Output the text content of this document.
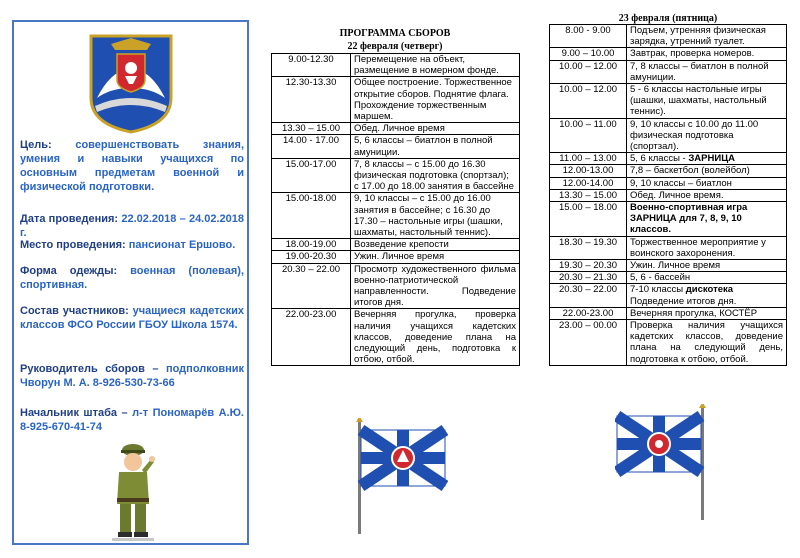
Цель: совершенствовать знания, умения и навыки учащихся по основным предметам военной и физической подготовки.
Дата проведения: 22.02.2018 – 24.02.2018 г.
Место проведения: пансионат Ершово.
Форма одежды: военная (полевая), спортивная.
Состав участников: учащиеся кадетских классов ФСО России ГБОУ Школа 1574.
Руководитель сборов – подполковник Чворун М. А. 8-926-530-73-66
Начальник штаба – л-т Пономарёв А.Ю. 8-925-670-41-74
ПРОГРАММА СБОРОВ
22 февраля (четверг)
9.00-12.30	Перемещение на объект, размещение в номерном фонде.
12.30-13.30	Общее построение. Торжественное открытие сборов. Поднятие флага. Прохождение торжественным маршем.
13.30 – 15.00	Обед. Личное время
14.00 - 17.00	5, 6 классы – биатлон в полной амуниции.
15.00-17.00	7, 8 классы – с 15.00 до 16.30 физическая подготовка (спортзал); с 17.00 до 18.00 занятия в бассейне
15.00-18.00	9, 10 классы – с 15.00 до 16.00 занятия в бассейне; с 16.30 до 17.30 – настольные игры (шашки, шахматы, настольный теннис).
18.00-19.00	Возведение крепости
19.00-20.30	Ужин. Личное время
20.30 – 22.00	Просмотр художественного фильма военно-патриотической направленности. Подведение итогов дня.
22.00-23.00	Вечерняя прогулка, проверка наличия учащихся кадетских классов, доведение плана на следующий день, подготовка к отбою, отбой.
23 февраля (пятница)
8.00 - 9.00	Подъем, утренняя физическая зарядка, утренний туалет.
9.00 – 10.00	Завтрак, проверка номеров.
10.00 – 12.00	7, 8 классы – биатлон в полной амуниции.
10.00 – 12.00	5 - 6 классы настольные игры (шашки, шахматы, настольный теннис).
10.00 – 11.00	9, 10 классы с 10.00 до 11.00 физическая подготовка (спортзал).
11.00 – 13.00	5, 6 классы - ЗАРНИЦА
12.00-13.00	7,8 – баскетбол (волейбол)
12.00-14.00	9, 10 классы – биатлон
13.30 – 15.00	Обед. Личное время.
15.00 – 18.00	Военно-спортивная игра ЗАРНИЦА для 7, 8, 9, 10 классов.
18.30 – 19.30	Торжественное мероприятие у воинского захоронения.
19.30 – 20.30	Ужин. Личное время
20.30 – 21.30	5, 6 - бассейн
20.30 – 22.00	7-10 классы дискотека
Подведение итогов дня.
22.00-23.00	Вечерняя прогулка, КОСТЁР
23.00 – 00.00	Проверка наличия учащихся кадетских классов, доведение плана на следующий день, подготовка к отбою, отбой.
